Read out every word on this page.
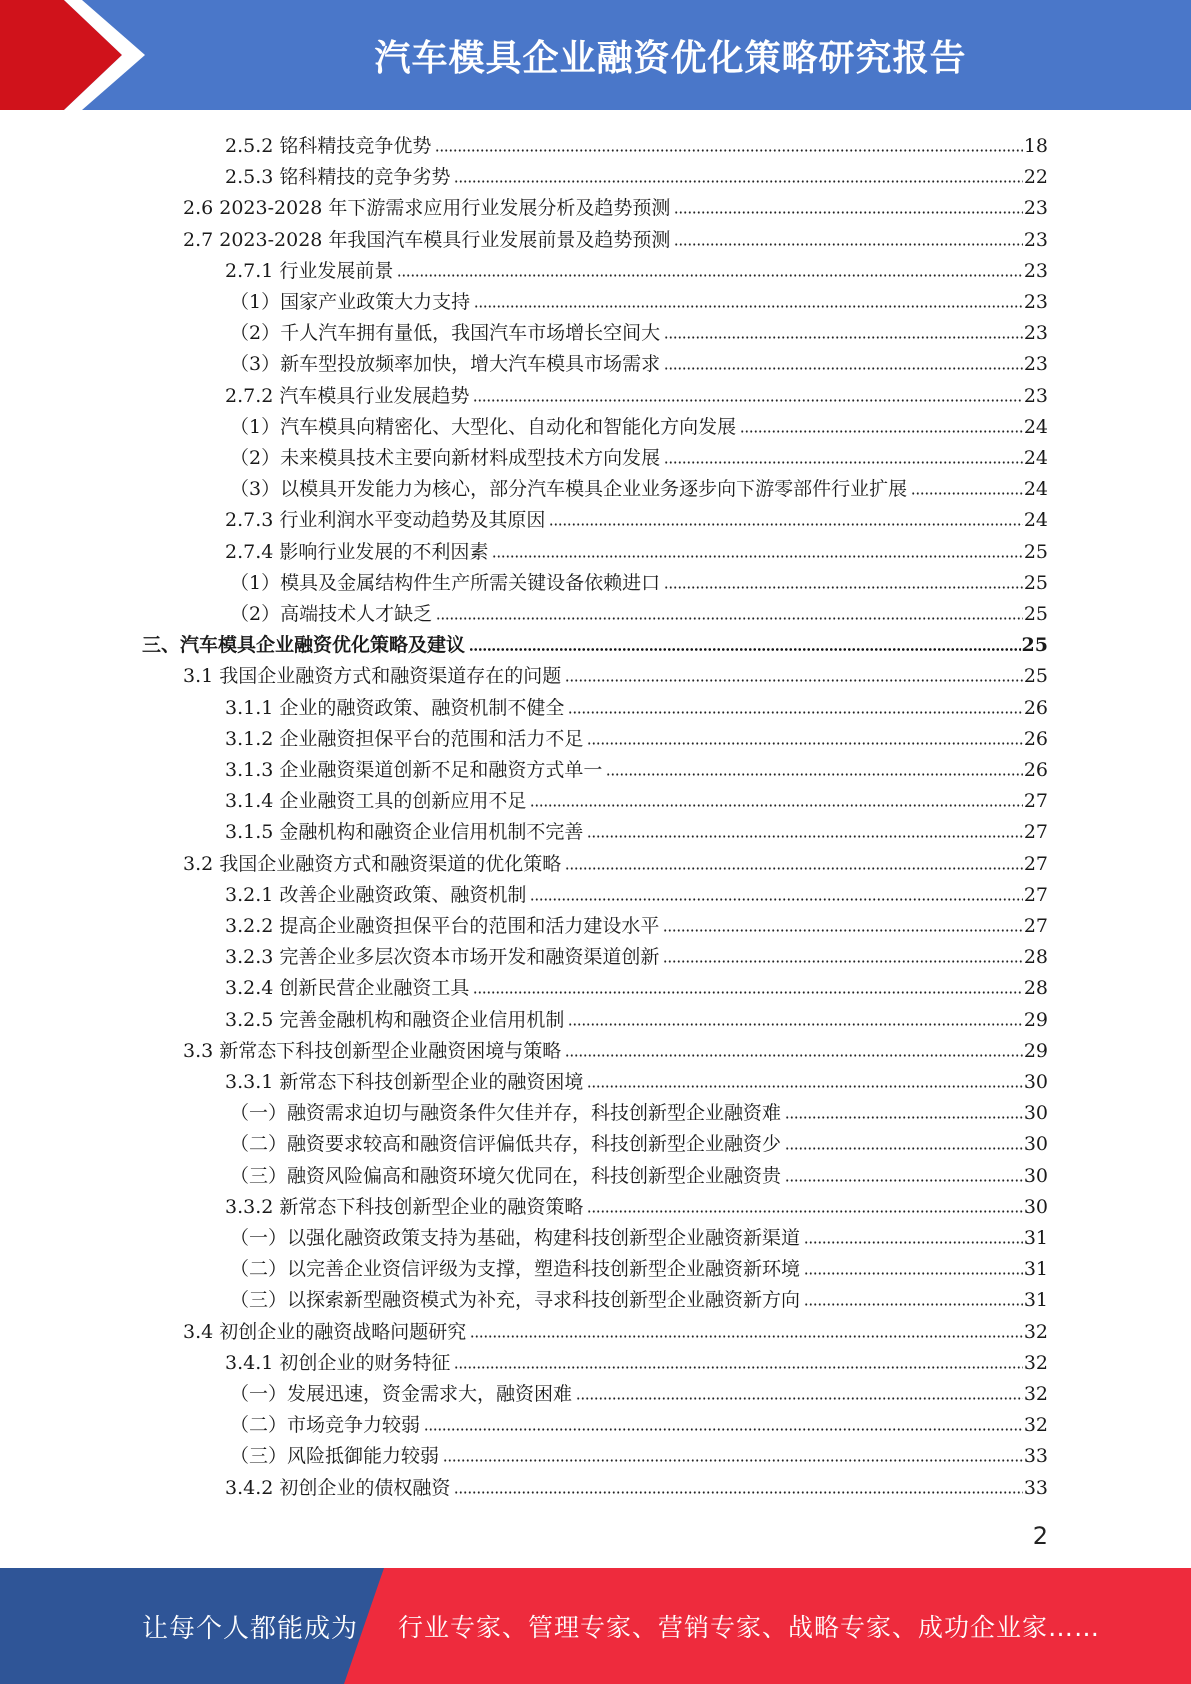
汽车模具企业融资优化策略研究报告
2.5.2 铭科精技竞争优势	18
2.5.3 铭科精技的竞争劣势	22
2.6 2023-2028 年下游需求应用行业发展分析及趋势预测	23
2.7 2023-2028 年我国汽车模具行业发展前景及趋势预测	23
2.7.1 行业发展前景	23
（1）国家产业政策大力支持	23
（2）千人汽车拥有量低，我国汽车市场增长空间大	23
（3）新车型投放频率加快，增大汽车模具市场需求	23
2.7.2 汽车模具行业发展趋势	23
（1）汽车模具向精密化、大型化、自动化和智能化方向发展	24
（2）未来模具技术主要向新材料成型技术方向发展	24
（3）以模具开发能力为核心，部分汽车模具企业业务逐步向下游零部件行业扩展	24
2.7.3 行业利润水平变动趋势及其原因	24
2.7.4 影响行业发展的不利因素	25
（1）模具及金属结构件生产所需关键设备依赖进口	25
（2）高端技术人才缺乏	25
三、汽车模具企业融资优化策略及建议	25
3.1 我国企业融资方式和融资渠道存在的问题	25
3.1.1 企业的融资政策、融资机制不健全	26
3.1.2 企业融资担保平台的范围和活力不足	26
3.1.3 企业融资渠道创新不足和融资方式单一	26
3.1.4 企业融资工具的创新应用不足	27
3.1.5 金融机构和融资企业信用机制不完善	27
3.2 我国企业融资方式和融资渠道的优化策略	27
3.2.1 改善企业融资政策、融资机制	27
3.2.2 提高企业融资担保平台的范围和活力建设水平	27
3.2.3 完善企业多层次资本市场开发和融资渠道创新	28
3.2.4 创新民营企业融资工具	28
3.2.5 完善金融机构和融资企业信用机制	29
3.3 新常态下科技创新型企业融资困境与策略	29
3.3.1 新常态下科技创新型企业的融资困境	30
（一）融资需求迫切与融资条件欠佳并存，科技创新型企业融资难	30
（二）融资要求较高和融资信评偏低共存，科技创新型企业融资少	30
（三）融资风险偏高和融资环境欠优同在，科技创新型企业融资贵	30
3.3.2 新常态下科技创新型企业的融资策略	30
（一）以强化融资政策支持为基础，构建科技创新型企业融资新渠道	31
（二）以完善企业资信评级为支撑，塑造科技创新型企业融资新环境	31
（三）以探索新型融资模式为补充，寻求科技创新型企业融资新方向	31
3.4 初创企业的融资战略问题研究	32
3.4.1 初创企业的财务特征	32
（一）发展迅速，资金需求大，融资困难	32
（二）市场竞争力较弱	32
（三）风险抵御能力较弱	33
3.4.2 初创企业的债权融资	33
2
让每个人都能成为 行业专家、管理专家、营销专家、战略专家、成功企业家……
